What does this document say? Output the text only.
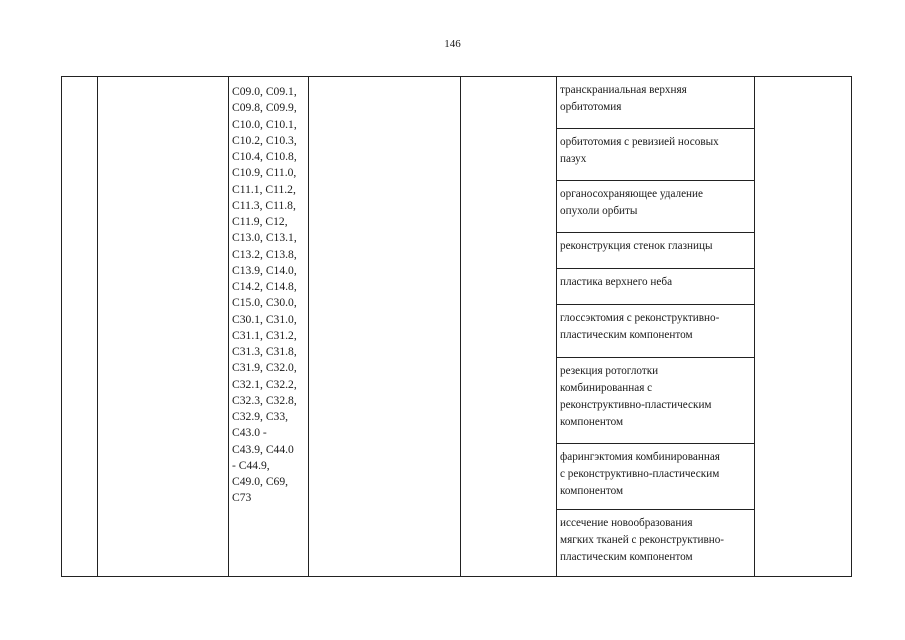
146
C09.0, C09.1,
C09.8, C09.9,
C10.0, C10.1,
C10.2, C10.3,
C10.4, C10.8,
C10.9, C11.0,
C11.1, C11.2,
C11.3, C11.8,
C11.9, C12,
C13.0, C13.1,
C13.2, C13.8,
C13.9, C14.0,
C14.2, C14.8,
C15.0, C30.0,
C30.1, C31.0,
C31.1, C31.2,
C31.3, C31.8,
C31.9, C32.0,
C32.1, C32.2,
C32.3, C32.8,
C32.9, C33,
C43.0 -
C43.9, C44.0
- C44.9,
C49.0, C69,
C73
транскраниальная верхняя
орбитотомия
орбитотомия с ревизией носовых
пазух
органосохраняющее удаление
опухоли орбиты
реконструкция стенок глазницы
пластика верхнего неба
глоссэктомия с реконструктивно-
пластическим компонентом
резекция ротоглотки
комбинированная с
реконструктивно-пластическим
компонентом
фарингэктомия комбинированная
с реконструктивно-пластическим
компонентом
иссечение новообразования
мягких тканей с реконструктивно-
пластическим компонентом
